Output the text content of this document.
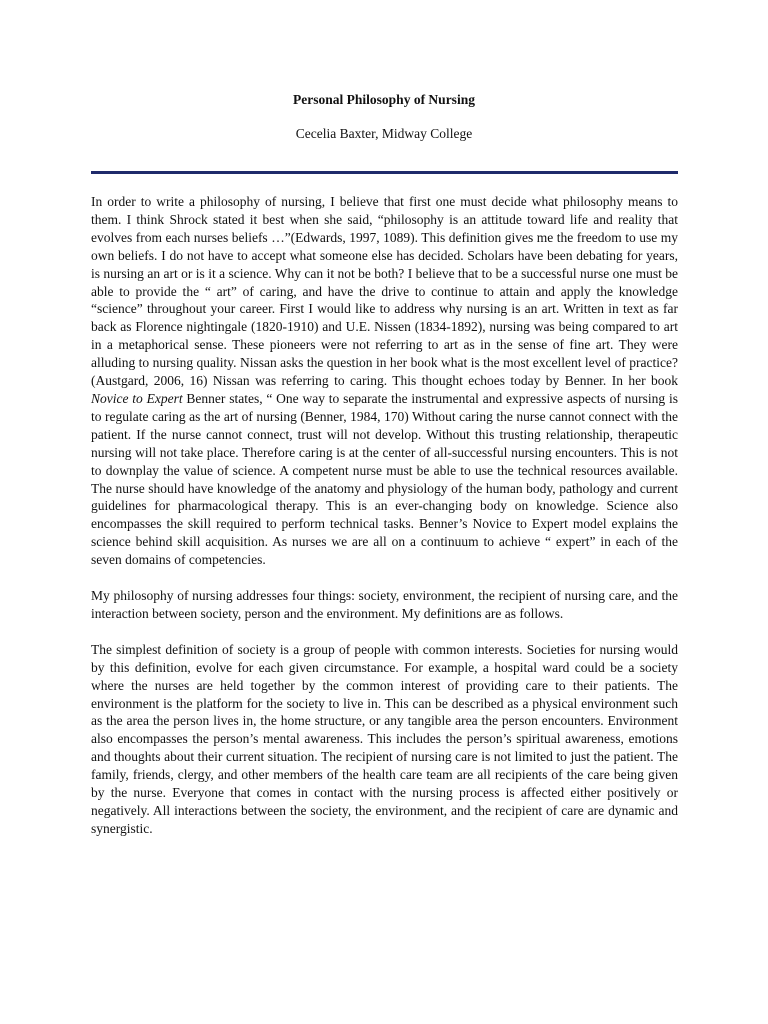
Personal Philosophy of Nursing

Cecelia Baxter, Midway College

In order to write a philosophy of nursing, I believe that first one must decide what philosophy means to them. I think Shrock stated it best when she said, “philosophy is an attitude toward life and reality that evolves from each nurses beliefs …”(Edwards, 1997, 1089). This definition gives me the freedom to use my own beliefs. I do not have to accept what someone else has decided. Scholars have been debating for years, is nursing an art or is it a science. Why can it not be both? I believe that to be a successful nurse one must be able to provide the “ art” of caring, and have the drive to continue to attain and apply the knowledge “science” throughout your career. First I would like to address why nursing is an art. Written in text as far back as Florence nightingale (1820-1910) and U.E. Nissen (1834-1892), nursing was being compared to art in a metaphorical sense. These pioneers were not referring to art as in the sense of fine art. They were alluding to nursing quality. Nissan asks the question in her book what is the most excellent level of practice? (Austgard, 2006, 16) Nissan was referring to caring. This thought echoes today by Benner. In her book Novice to Expert Benner states, “ One way to separate the instrumental and expressive aspects of nursing is to regulate caring as the art of nursing (Benner, 1984, 170) Without caring the nurse cannot connect with the patient. If the nurse cannot connect, trust will not develop. Without this trusting relationship, therapeutic nursing will not take place. Therefore caring is at the center of all-successful nursing encounters. This is not to downplay the value of science. A competent nurse must be able to use the technical resources available. The nurse should have knowledge of the anatomy and physiology of the human body, pathology and current guidelines for pharmacological therapy. This is an ever-changing body on knowledge. Science also encompasses the skill required to perform technical tasks. Benner’s Novice to Expert model explains the science behind skill acquisition. As nurses we are all on a continuum to achieve “ expert” in each of the seven domains of competencies.

My philosophy of nursing addresses four things: society, environment, the recipient of nursing care, and the interaction between society, person and the environment. My definitions are as follows.

The simplest definition of society is a group of people with common interests. Societies for nursing would by this definition, evolve for each given circumstance. For example, a hospital ward could be a society where the nurses are held together by the common interest of providing care to their patients. The environment is the platform for the society to live in. This can be described as a physical environment such as the area the person lives in, the home structure, or any tangible area the person encounters. Environment also encompasses the person’s mental awareness. This includes the person’s spiritual awareness, emotions and thoughts about their current situation. The recipient of nursing care is not limited to just the patient. The family, friends, clergy, and other members of the health care team are all recipients of the care being given by the nurse. Everyone that comes in contact with the nursing process is affected either positively or negatively. All interactions between the society, the environment, and the recipient of care are dynamic and synergistic.
